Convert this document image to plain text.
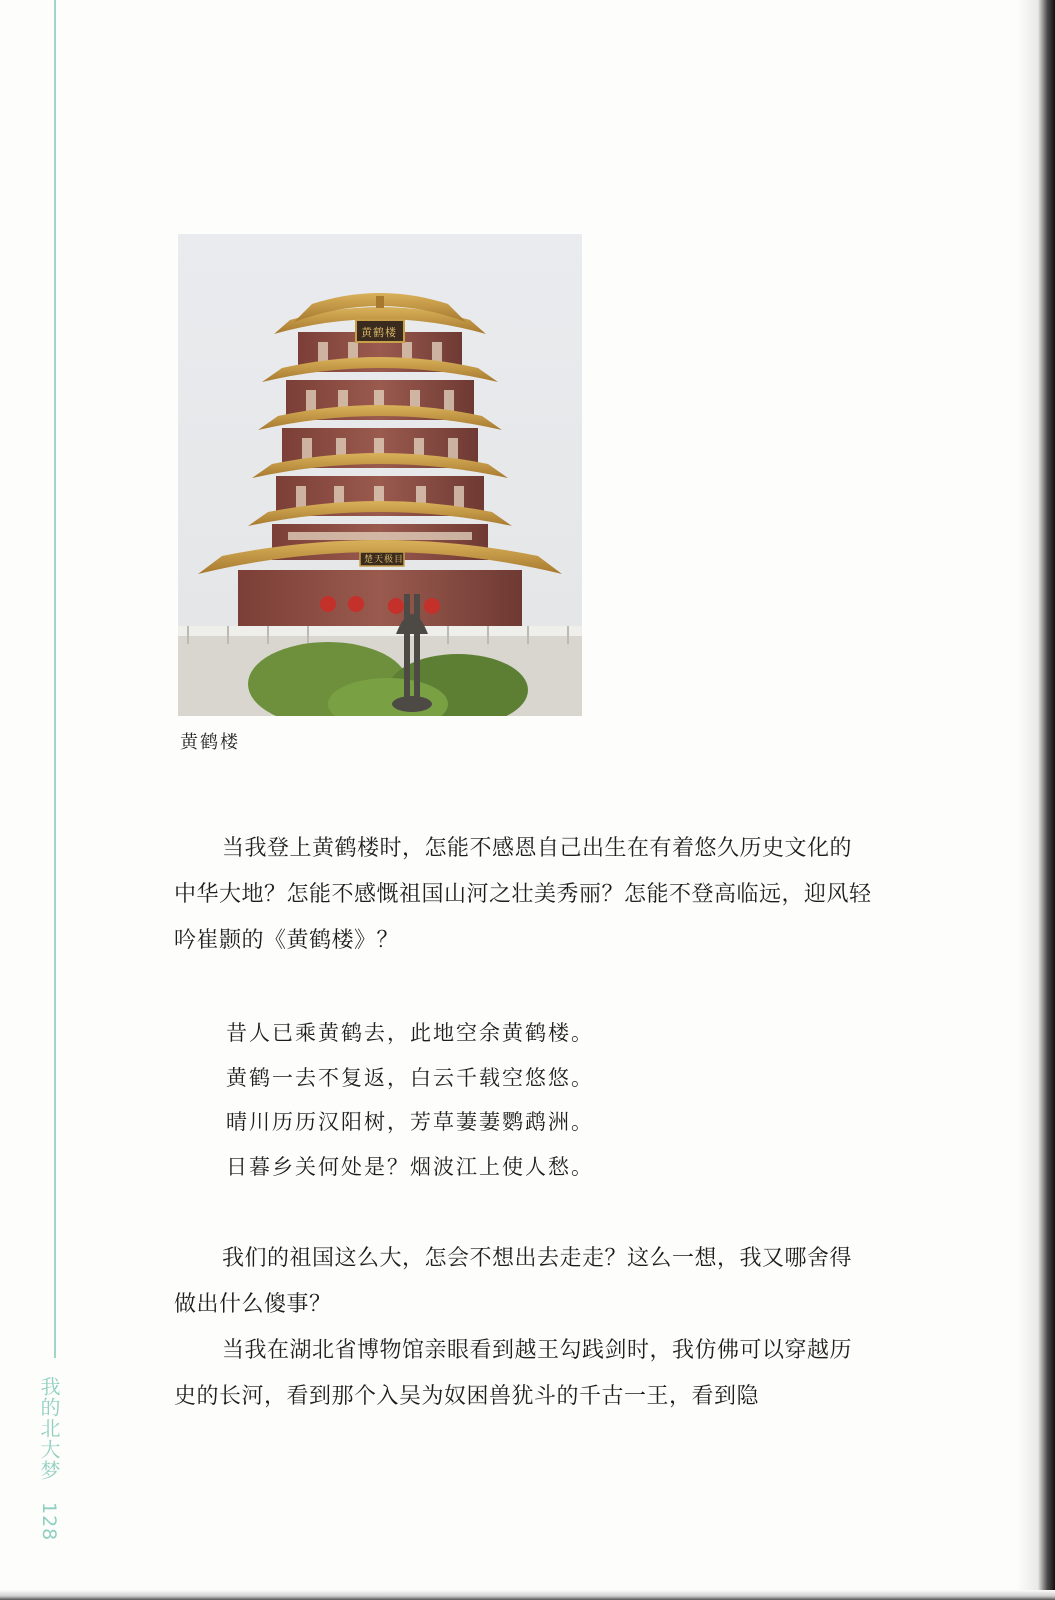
黄鹤楼
楚天极目
黄鹤楼

当我登上黄鹤楼时，怎能不感恩自己出生在有着悠久历史文化的中华大地？怎能不感慨祖国山河之壮美秀丽？怎能不登高临远，迎风轻吟崔颢的《黄鹤楼》？

昔人已乘黄鹤去，此地空余黄鹤楼。
黄鹤一去不复返，白云千载空悠悠。
晴川历历汉阳树，芳草萋萋鹦鹉洲。
日暮乡关何处是？烟波江上使人愁。

我们的祖国这么大，怎会不想出去走走？这么一想，我又哪舍得做出什么傻事？

当我在湖北省博物馆亲眼看到越王勾践剑时，我仿佛可以穿越历史的长河，看到那个入吴为奴困兽犹斗的千古一王，看到隐

我的北大梦 128
